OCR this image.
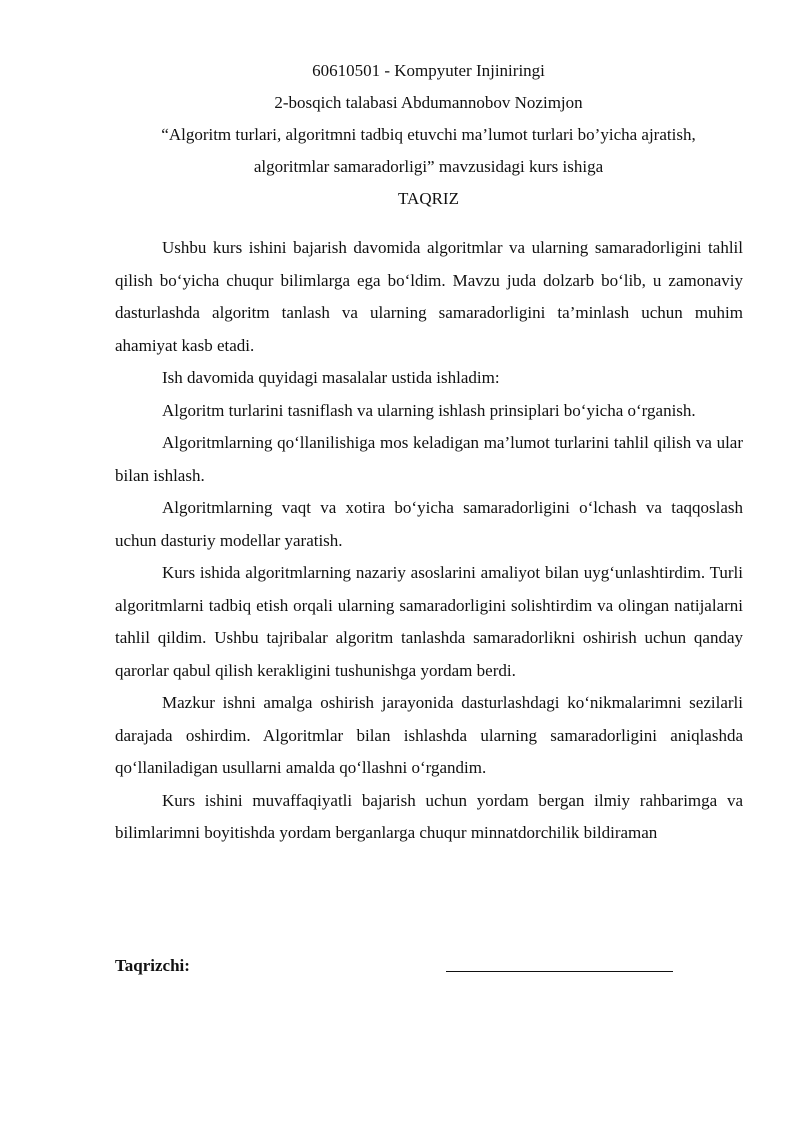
60610501 - Kompyuter Injiniringi
2-bosqich talabasi Abdumannobov Nozimjon
“Algoritm turlari, algoritmni tadbiq etuvchi ma’lumot turlari bo’yicha ajratish,
algoritmlar samaradorligi” mavzusidagi kurs ishiga
TAQRIZ

Ushbu kurs ishini bajarish davomida algoritmlar va ularning samaradorligini tahlil qilish bo‘yicha chuqur bilimlarga ega bo‘ldim. Mavzu juda dolzarb bo‘lib, u zamonaviy dasturlashda algoritm tanlash va ularning samaradorligini ta’minlash uchun muhim ahamiyat kasb etadi.

Ish davomida quyidagi masalalar ustida ishladim:

Algoritm turlarini tasniflash va ularning ishlash prinsiplari bo‘yicha o‘rganish.

Algoritmlarning qo‘llanilishiga mos keladigan ma’lumot turlarini tahlil qilish va ular bilan ishlash.

Algoritmlarning vaqt va xotira bo‘yicha samaradorligini o‘lchash va taqqoslash uchun dasturiy modellar yaratish.

Kurs ishida algoritmlarning nazariy asoslarini amaliyot bilan uyg‘unlashtirdim. Turli algoritmlarni tadbiq etish orqali ularning samaradorligini solishtirdim va olingan natijalarni tahlil qildim. Ushbu tajribalar algoritm tanlashda samaradorlikni oshirish uchun qanday qarorlar qabul qilish kerakligini tushunishga yordam berdi.

Mazkur ishni amalga oshirish jarayonida dasturlashdagi ko‘nikmalarimni sezilarli darajada oshirdim. Algoritmlar bilan ishlashda ularning samaradorligini aniqlashda qo‘llaniladigan usullarni amalda qo‘llashni o‘rgandim.

Kurs ishini muvaffaqiyatli bajarish uchun yordam bergan ilmiy rahbarimga va bilimlarimni boyitishda yordam berganlarga chuqur minnatdorchilik bildiraman

Taqrizchi:
